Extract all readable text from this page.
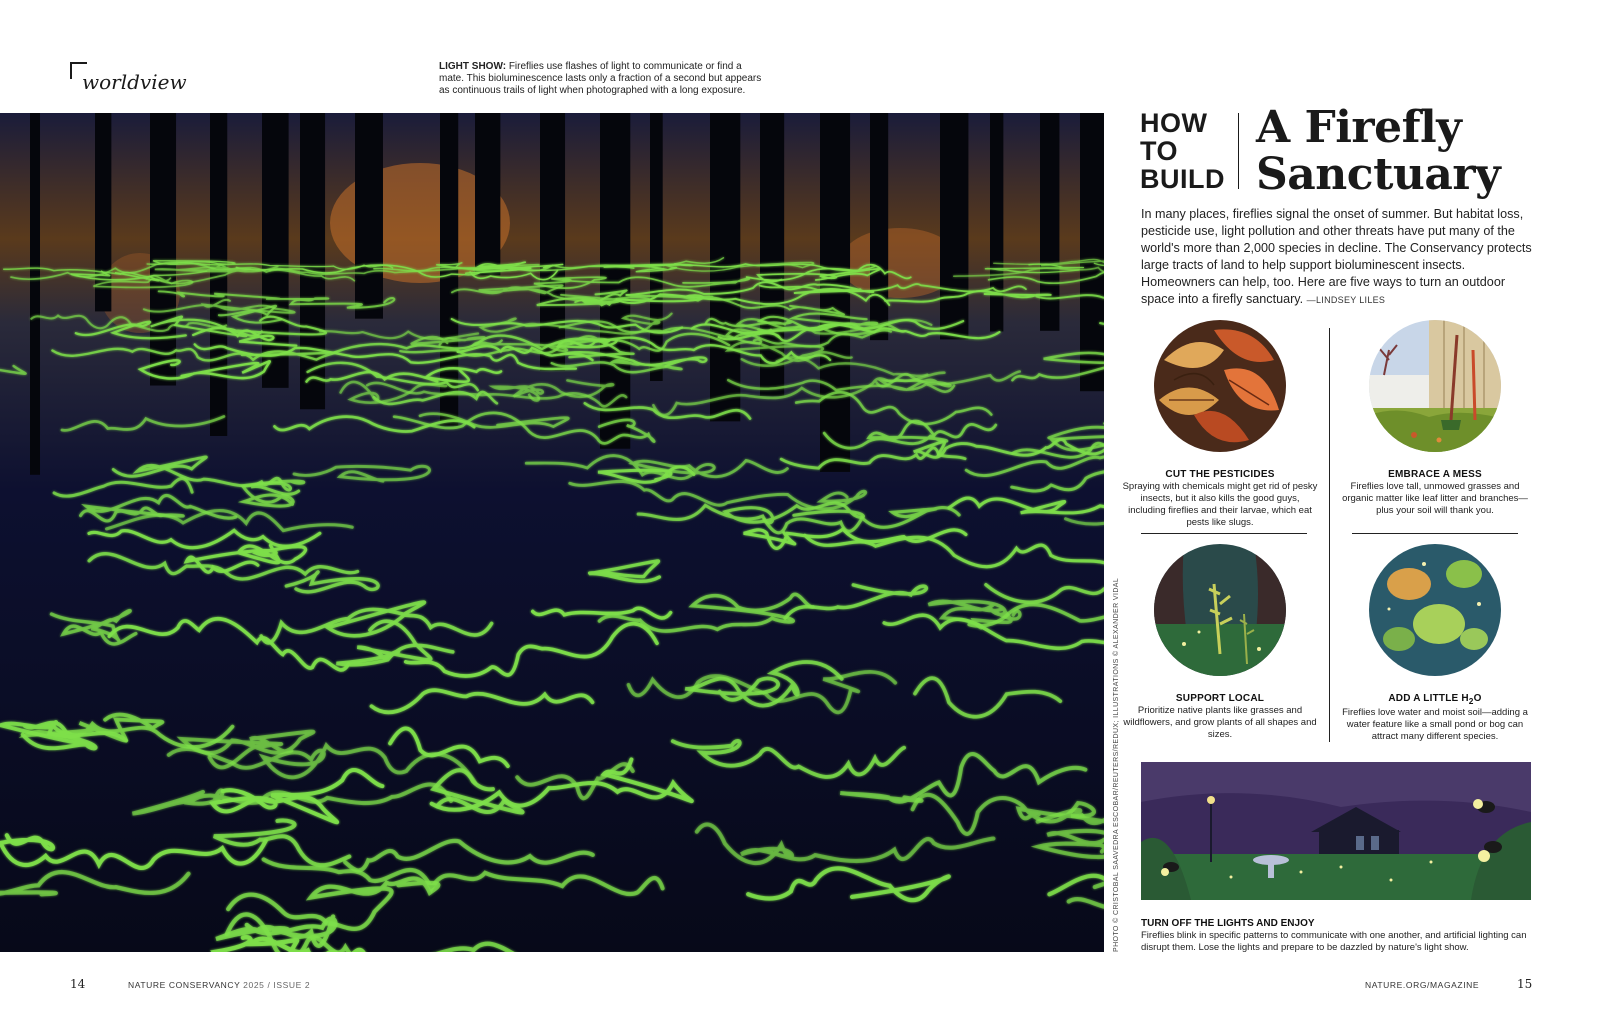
worldview
LIGHT SHOW: Fireflies use flashes of light to communicate or find a mate. This bioluminescence lasts only a fraction of a second but appears as continuous trails of light when photographed with a long exposure.
PHOTO © CRISTOBAL SAAVEDRA ESCOBAR/REUTERS/REDUX; ILLUSTRATIONS © ALEXANDER VIDAL
HOW
TO
BUILD
A Firefly
Sanctuary
In many places, fireflies signal the onset of summer. But habitat loss, pesticide use, light pollution and other threats have put many of the world's more than 2,000 species in decline. The Conservancy protects large tracts of land to help support bioluminescent insects. Homeowners can help, too. Here are five ways to turn an outdoor space into a firefly sanctuary. —LINDSEY LILES
CUT THE PESTICIDES
Spraying with chemicals might get rid of pesky insects, but it also kills the good guys, including fireflies and their larvae, which eat pests like slugs.
EMBRACE A MESS
Fireflies love tall, unmowed grasses and organic matter like leaf litter and branches—plus your soil will thank you.
SUPPORT LOCAL
Prioritize native plants like grasses and wildflowers, and grow plants of all shapes and sizes.
ADD A LITTLE $H_2O$
Fireflies love water and moist soil—adding a water feature like a small pond or bog can attract many different species.
TURN OFF THE LIGHTS AND ENJOY
Fireflies blink in specific patterns to communicate with one another, and artificial lighting can disrupt them. Lose the lights and prepare to be dazzled by nature's light show.
14	NATURE CONSERVANCY 2025 / ISSUE 2	NATURE.ORG/MAGAZINE	15
